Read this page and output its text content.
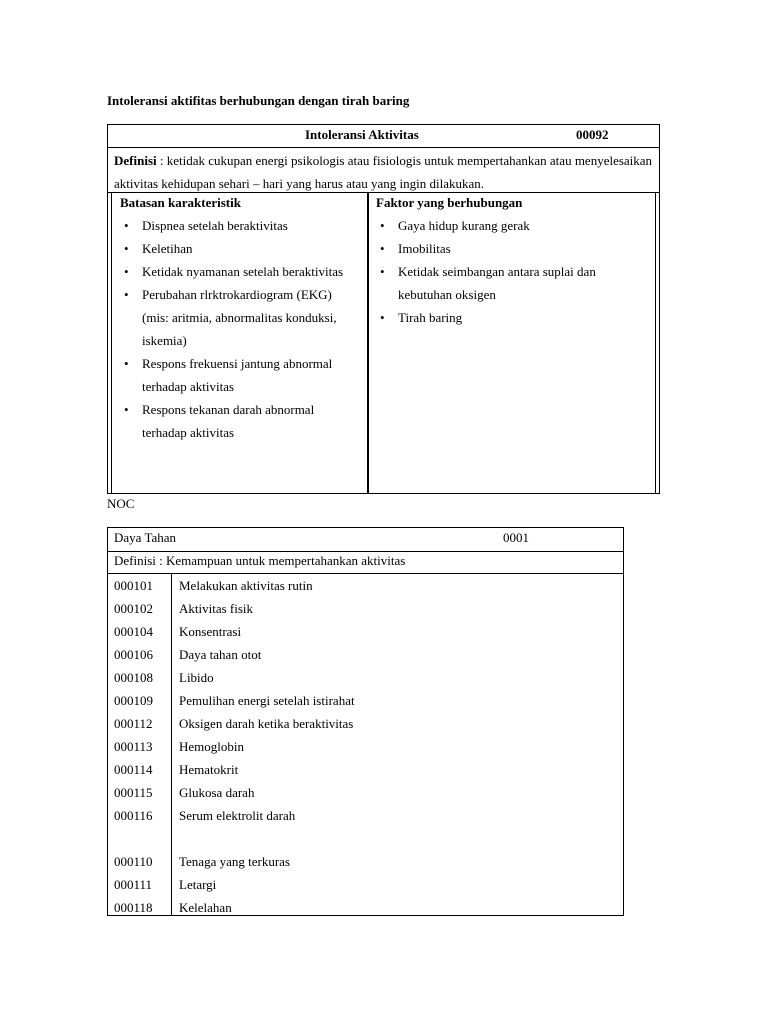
Intoleransi aktifitas berhubungan dengan tirah baring
Intoleransi Aktivitas	00092
Definisi : ketidak cukupan energi psikologis atau fisiologis untuk mempertahankan atau menyelesaikan aktivitas kehidupan sehari – hari yang harus atau yang ingin dilakukan.
Batasan karakteristik
• Dispnea setelah beraktivitas
• Keletihan
• Ketidak nyamanan setelah beraktivitas
• Perubahan rlrktrokardiogram (EKG) (mis: aritmia, abnormalitas konduksi, iskemia)
• Respons frekuensi jantung abnormal terhadap aktivitas
• Respons tekanan darah abnormal terhadap aktivitas
Faktor yang berhubungan
• Gaya hidup kurang gerak
• Imobilitas
• Ketidak seimbangan antara suplai dan kebutuhan oksigen
• Tirah baring
NOC
Daya Tahan	0001
Definisi : Kemampuan untuk mempertahankan aktivitas
000101 Melakukan aktivitas rutin
000102 Aktivitas fisik
000104 Konsentrasi
000106 Daya tahan otot
000108 Libido
000109 Pemulihan energi setelah istirahat
000112 Oksigen darah ketika beraktivitas
000113 Hemoglobin
000114 Hematokrit
000115 Glukosa darah
000116 Serum elektrolit darah
000110 Tenaga yang terkuras
000111 Letargi
000118 Kelelahan
